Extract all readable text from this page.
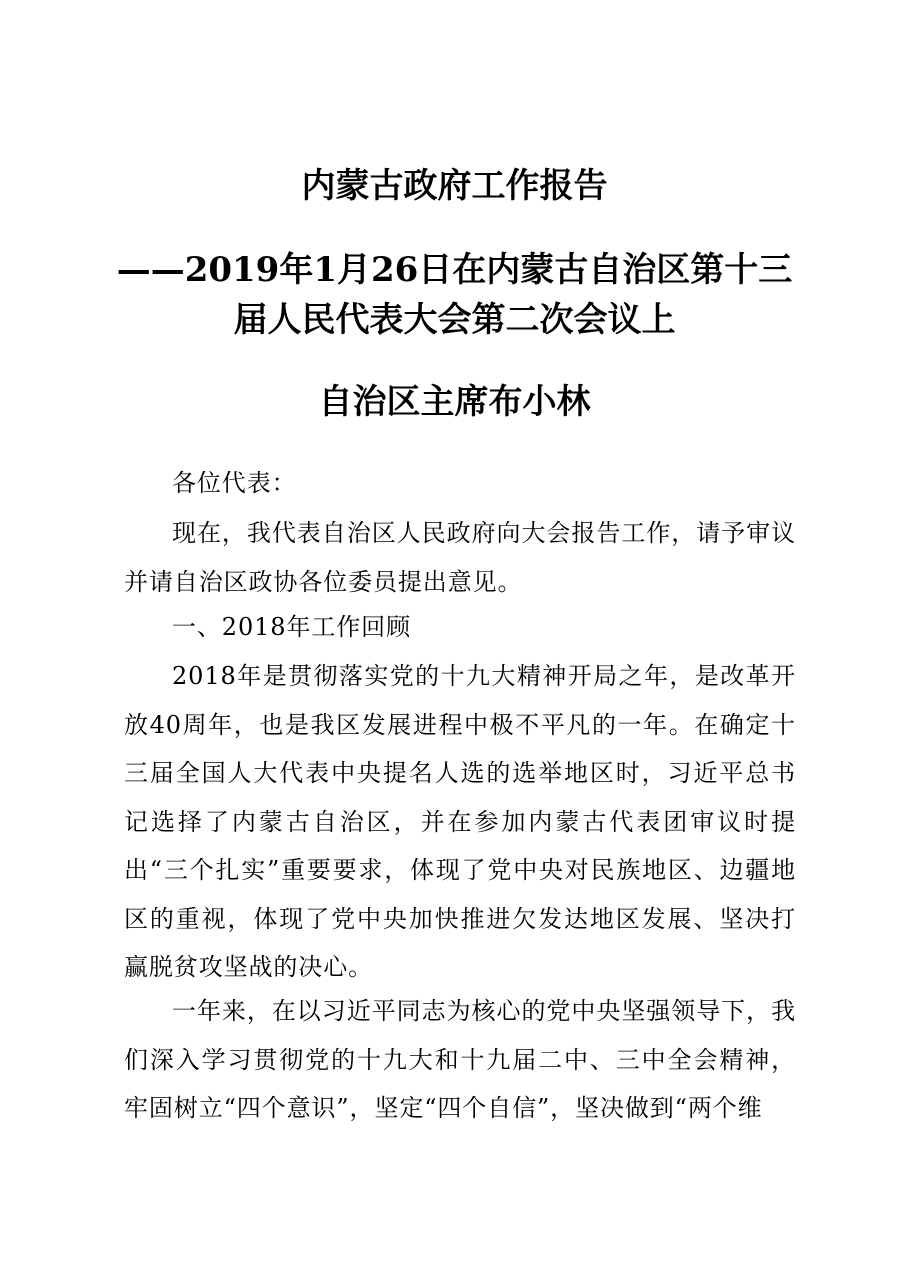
内蒙古政府工作报告
——2019年1月26日在内蒙古自治区第十三
届人民代表大会第二次会议上
自治区主席布小林

各位代表：

现在，我代表自治区人民政府向大会报告工作，请予审议并请自治区政协各位委员提出意见。

一、2018年工作回顾

2018年是贯彻落实党的十九大精神开局之年，是改革开放40周年，也是我区发展进程中极不平凡的一年。在确定十三届全国人大代表中央提名人选的选举地区时，习近平总书记选择了内蒙古自治区，并在参加内蒙古代表团审议时提出“三个扎实”重要要求，体现了党中央对民族地区、边疆地区的重视，体现了党中央加快推进欠发达地区发展、坚决打赢脱贫攻坚战的决心。

一年来，在以习近平同志为核心的党中央坚强领导下，我们深入学习贯彻党的十九大和十九届二中、三中全会精神，牢固树立“四个意识”，坚定“四个自信”，坚决做到“两个维
